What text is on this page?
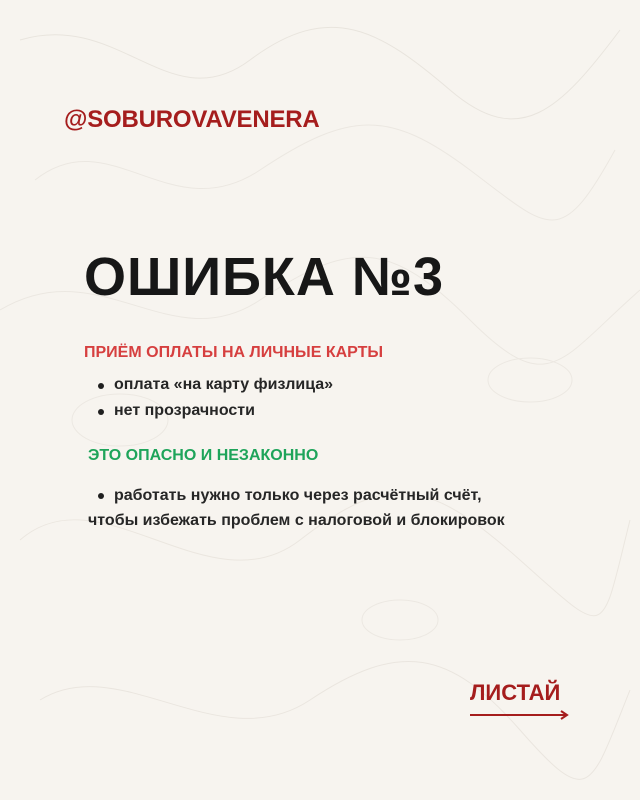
@SOBUROVAVENERA
ОШИБКА №3
ПРИЁМ ОПЛАТЫ НА ЛИЧНЫЕ КАРТЫ
оплата «на карту физлица»
нет прозрачности
ЭТО ОПАСНО И НЕЗАКОННО
работать нужно только через расчётный счёт,
чтобы избежать проблем с налоговой и блокировок
ЛИСТАЙ
